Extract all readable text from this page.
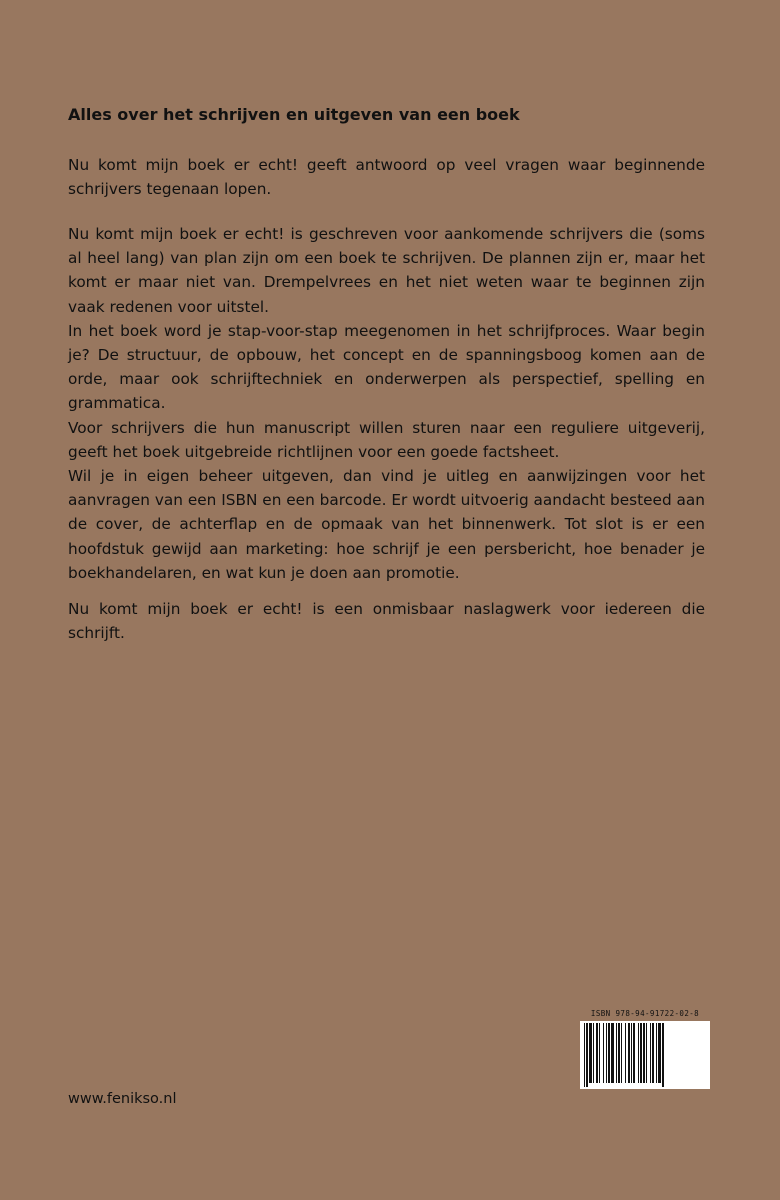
Alles over het schrijven en uitgeven van een boek

Nu komt mijn boek er echt! geeft antwoord op veel vragen waar beginnende schrijvers tegenaan lopen.

Nu komt mijn boek er echt! is geschreven voor aankomende schrijvers die (soms al heel lang) van plan zijn om een boek te schrijven. De plannen zijn er, maar het komt er maar niet van. Drempelvrees en het niet weten waar te beginnen zijn vaak redenen voor uitstel.

In het boek word je stap-voor-stap meegenomen in het schrijfproces. Waar begin je? De structuur, de opbouw, het concept en de spanningsboog komen aan de orde, maar ook schrijftechniek en onderwerpen als perspectief, spelling en grammatica.

Voor schrijvers die hun manuscript willen sturen naar een reguliere uitgeverij, geeft het boek uitgebreide richtlijnen voor een goede factsheet.

Wil je in eigen beheer uitgeven, dan vind je uitleg en aanwijzingen voor het aanvragen van een ISBN en een barcode. Er wordt uitvoerig aandacht besteed aan de cover, de achterflap en de opmaak van het binnenwerk. Tot slot is er een hoofdstuk gewijd aan marketing: hoe schrijf je een persbericht, hoe benader je boekhandelaren, en wat kun je doen aan promotie.

Nu komt mijn boek er echt! is een onmisbaar naslagwerk voor iedereen die schrijft.

ISBN 978-94-91722-02-8
www.fenikso.nl
